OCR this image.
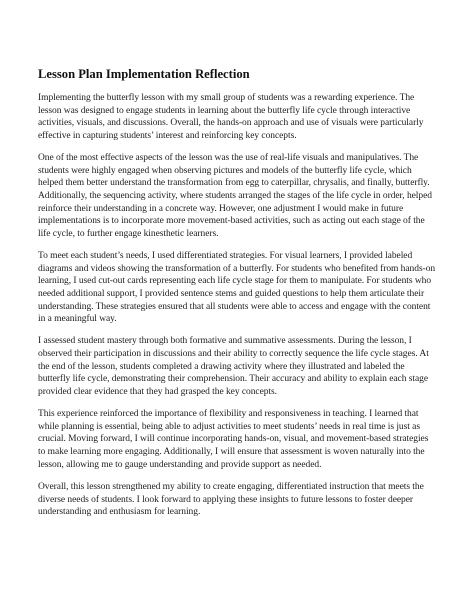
Lesson Plan Implementation Reflection

Implementing the butterfly lesson with my small group of students was a rewarding experience. The lesson was designed to engage students in learning about the butterfly life cycle through interactive activities, visuals, and discussions. Overall, the hands-on approach and use of visuals were particularly effective in capturing students’ interest and reinforcing key concepts.

One of the most effective aspects of the lesson was the use of real-life visuals and manipulatives. The students were highly engaged when observing pictures and models of the butterfly life cycle, which helped them better understand the transformation from egg to caterpillar, chrysalis, and finally, butterfly. Additionally, the sequencing activity, where students arranged the stages of the life cycle in order, helped reinforce their understanding in a concrete way. However, one adjustment I would make in future implementations is to incorporate more movement-based activities, such as acting out each stage of the life cycle, to further engage kinesthetic learners.

To meet each student’s needs, I used differentiated strategies. For visual learners, I provided labeled diagrams and videos showing the transformation of a butterfly. For students who benefited from hands-on learning, I used cut-out cards representing each life cycle stage for them to manipulate. For students who needed additional support, I provided sentence stems and guided questions to help them articulate their understanding. These strategies ensured that all students were able to access and engage with the content in a meaningful way.

I assessed student mastery through both formative and summative assessments. During the lesson, I observed their participation in discussions and their ability to correctly sequence the life cycle stages. At the end of the lesson, students completed a drawing activity where they illustrated and labeled the butterfly life cycle, demonstrating their comprehension. Their accuracy and ability to explain each stage provided clear evidence that they had grasped the key concepts.

This experience reinforced the importance of flexibility and responsiveness in teaching. I learned that while planning is essential, being able to adjust activities to meet students’ needs in real time is just as crucial. Moving forward, I will continue incorporating hands-on, visual, and movement-based strategies to make learning more engaging. Additionally, I will ensure that assessment is woven naturally into the lesson, allowing me to gauge understanding and provide support as needed.

Overall, this lesson strengthened my ability to create engaging, differentiated instruction that meets the diverse needs of students. I look forward to applying these insights to future lessons to foster deeper understanding and enthusiasm for learning.
